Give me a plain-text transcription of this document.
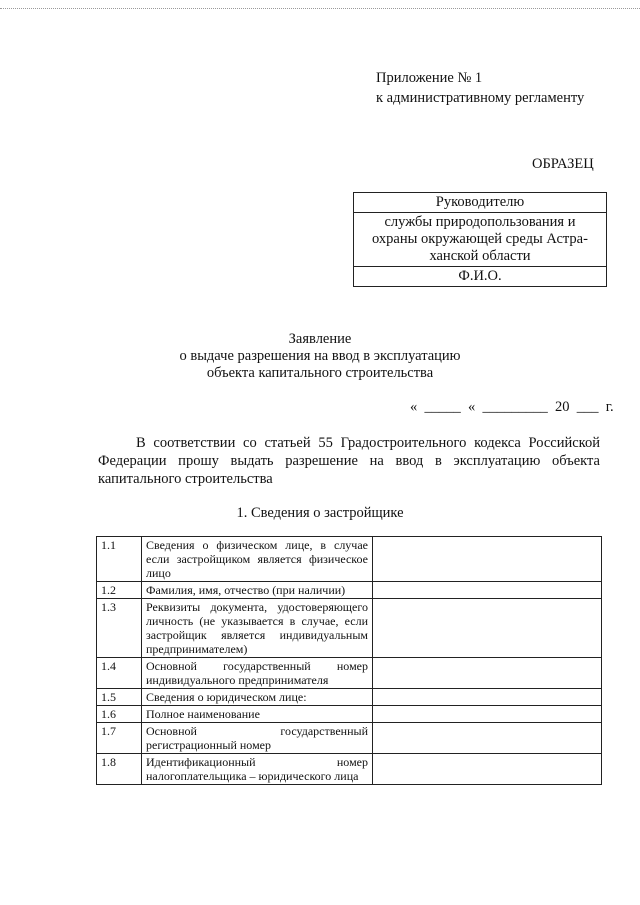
Приложение № 1
к административному регламенту
ОБРАЗЕЦ
Руководителю
службы природопользования и
охраны окружающей среды Астра-
ханской области
Ф.И.О.
Заявление
о выдаче разрешения на ввод в эксплуатацию
объекта капитального строительства
«  _____  «  _________  20  ___  г.
В соответствии со статьей 55 Градостроительного кодекса Российской Федерации прошу выдать разрешение на ввод в эксплуатацию объекта капитального строительства
1. Сведения о застройщике
1.1	Сведения о физическом лице, в случае если застройщиком является физическое лицо	
1.2	Фамилия, имя, отчество (при наличии)	
1.3	Реквизиты документа, удостоверяющего личность (не указывается в случае, если застройщик является индивидуальным предпринимателем)	
1.4	Основной государственный номер индивидуального предпринимателя	
1.5	Сведения о юридическом лице:	
1.6	Полное наименование	
1.7	Основной государственный регистрационный номер	
1.8	Идентификационный номер налогоплательщика – юридического лица	
